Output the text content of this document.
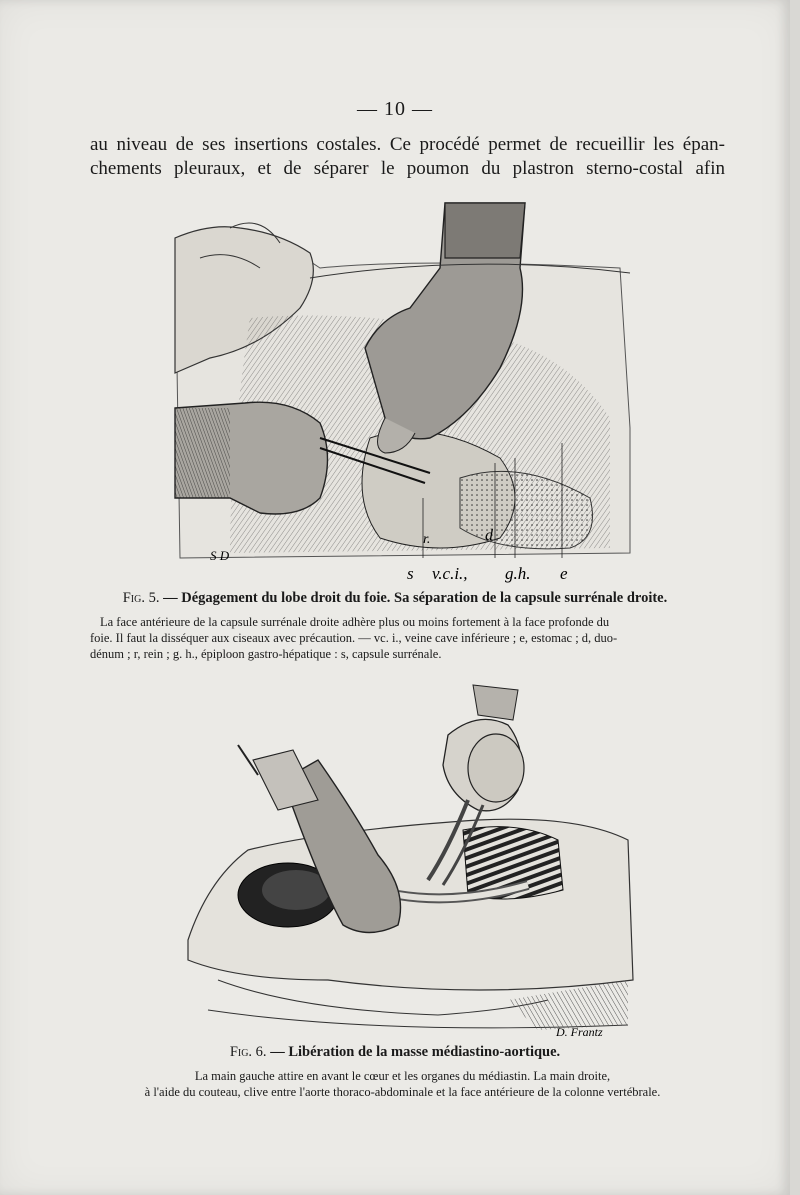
— 10 —
au niveau de ses insertions costales. Ce procédé permet de recueillir les épan-
chements pleuraux, et de séparer le poumon du plastron sterno-costal afin
S D
r.	d
s v.c.i., g.h. e
Fig. 5. — Dégagement du lobe droit du foie. Sa séparation de la capsule surrénale droite.
La face antérieure de la capsule surrénale droite adhère plus ou moins fortement à la face profonde du
foie. Il faut la disséquer aux ciseaux avec précaution. — vc. i., veine cave inférieure ; e, estomac ; d, duo-
dénum ; r, rein ; g. h., épiploon gastro-hépatique : s, capsule surrénale.
D. Frantz
Fig. 6. — Libération de la masse médiastino-aortique.
La main gauche attire en avant le cœur et les organes du médiastin. La main droite,
à l'aide du couteau, clive entre l'aorte thoraco-abdominale et la face antérieure de la colonne vertébrale.
